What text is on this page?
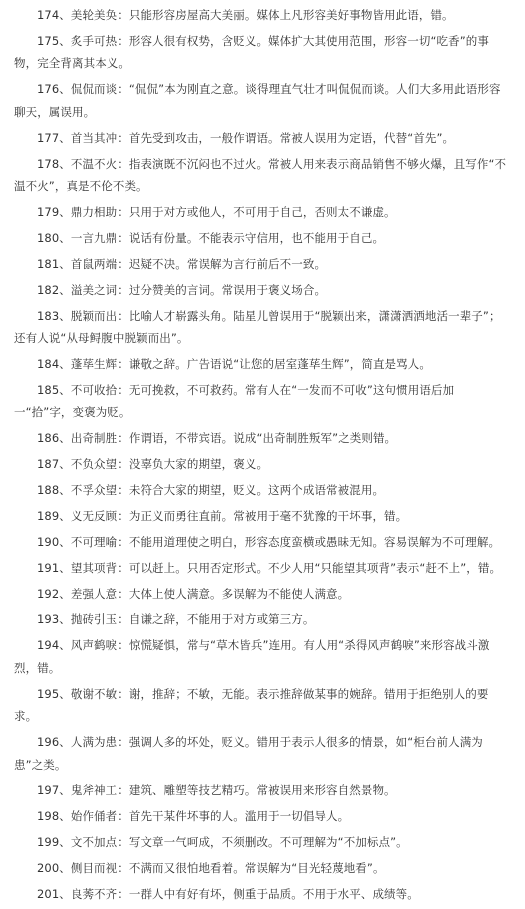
174、美轮美奂：只能形容房屋高大美丽。媒体上凡形容美好事物皆用此语，错。

175、炙手可热：形容人很有权势，含贬义。媒体扩大其使用范围，形容一切“吃香”的事物，完全背离其本义。

176、侃侃而谈：“侃侃”本为刚直之意。谈得理直气壮才叫侃侃而谈。人们大多用此语形容聊天，属误用。

177、首当其冲：首先受到攻击，一般作谓语。常被人误用为定语，代替“首先”。

178、不温不火：指表演既不沉闷也不过火。常被人用来表示商品销售不够火爆，且写作“不温不火”，真是不伦不类。

179、鼎力相助：只用于对方或他人，不可用于自己，否则太不谦虚。

180、一言九鼎：说话有份量。不能表示守信用，也不能用于自己。

181、首鼠两端：迟疑不决。常误解为言行前后不一致。

182、溢美之词：过分赞美的言词。常误用于褒义场合。

183、脱颖而出：比喻人才崭露头角。陆星儿曾误用于“脱颖出来，潇潇洒洒地活一辈子”；还有人说“从母鲟腹中脱颖而出”。

184、蓬荜生辉：谦敬之辞。广告语说“让您的居室蓬荜生辉”，简直是骂人。

185、不可收拾：无可挽救，不可救药。常有人在“一发而不可收”这句惯用语后加一“拾”字，变褒为贬。

186、出奇制胜：作谓语，不带宾语。说成“出奇制胜叛军”之类则错。

187、不负众望：没辜负大家的期望，褒义。

188、不孚众望：未符合大家的期望，贬义。这两个成语常被混用。

189、义无反顾：为正义而勇往直前。常被用于毫不犹豫的干坏事，错。

190、不可理喻：不能用道理使之明白，形容态度蛮横或愚昧无知。容易误解为不可理解。

191、望其项背：可以赶上。只用否定形式。不少人用“只能望其项背”表示“赶不上”，错。

192、差强人意：大体上使人满意。多误解为不能使人满意。

193、抛砖引玉：自谦之辞，不能用于对方或第三方。

194、风声鹤唳：惊慌疑惧，常与“草木皆兵”连用。有人用“杀得风声鹤唳”来形容战斗激烈，错。

195、敬谢不敏：谢，推辞；不敏，无能。表示推辞做某事的婉辞。错用于拒绝别人的要求。

196、人满为患：强调人多的坏处，贬义。错用于表示人很多的情景，如“柜台前人满为患”之类。

197、鬼斧神工：建筑、雕塑等技艺精巧。常被误用来形容自然景物。

198、始作俑者：首先干某件坏事的人。滥用于一切倡导人。

199、文不加点：写文章一气呵成，不须删改。不可理解为“不加标点”。

200、侧目而视：不满而又很怕地看着。常误解为“目光轻蔑地看”。

201、良莠不齐：一群人中有好有坏，侧重于品质。不用于水平、成绩等。
